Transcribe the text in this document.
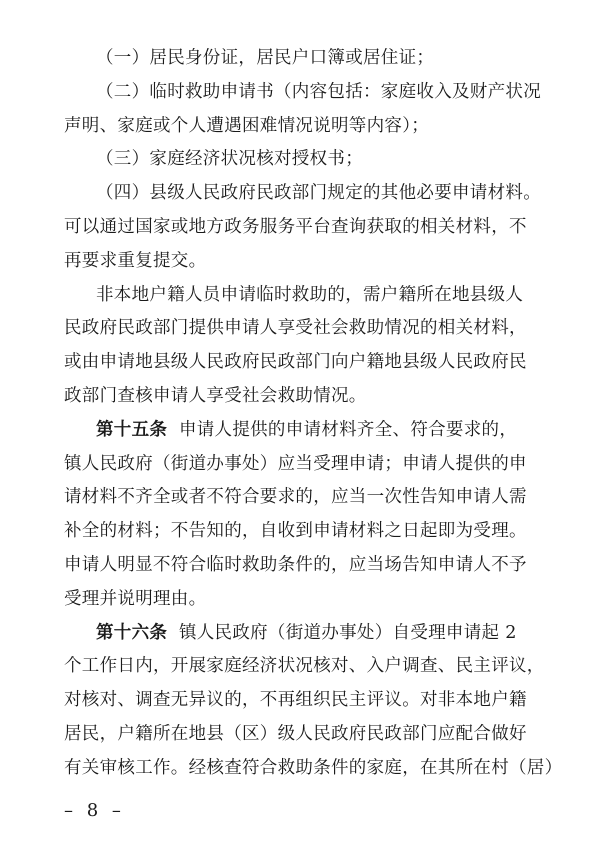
（一）居民身份证，居民户口簿或居住证；
（二）临时救助申请书（内容包括：家庭收入及财产状况
声明、家庭或个人遭遇困难情况说明等内容）；
（三）家庭经济状况核对授权书；
（四）县级人民政府民政部门规定的其他必要申请材料。
可以通过国家或地方政务服务平台查询获取的相关材料，不
再要求重复提交。
非本地户籍人员申请临时救助的，需户籍所在地县级人
民政府民政部门提供申请人享受社会救助情况的相关材料，
或由申请地县级人民政府民政部门向户籍地县级人民政府民
政部门查核申请人享受社会救助情况。
第十五条 申请人提供的申请材料齐全、符合要求的，
镇人民政府（街道办事处）应当受理申请；申请人提供的申
请材料不齐全或者不符合要求的，应当一次性告知申请人需
补全的材料；不告知的，自收到申请材料之日起即为受理。
申请人明显不符合临时救助条件的，应当场告知申请人不予
受理并说明理由。
第十六条 镇人民政府（街道办事处）自受理申请起 2
个工作日内，开展家庭经济状况核对、入户调查、民主评议，
对核对、调查无异议的，不再组织民主评议。对非本地户籍
居民，户籍所在地县（区）级人民政府民政部门应配合做好
有关审核工作。经核查符合救助条件的家庭，在其所在村（居）
– 8 –
